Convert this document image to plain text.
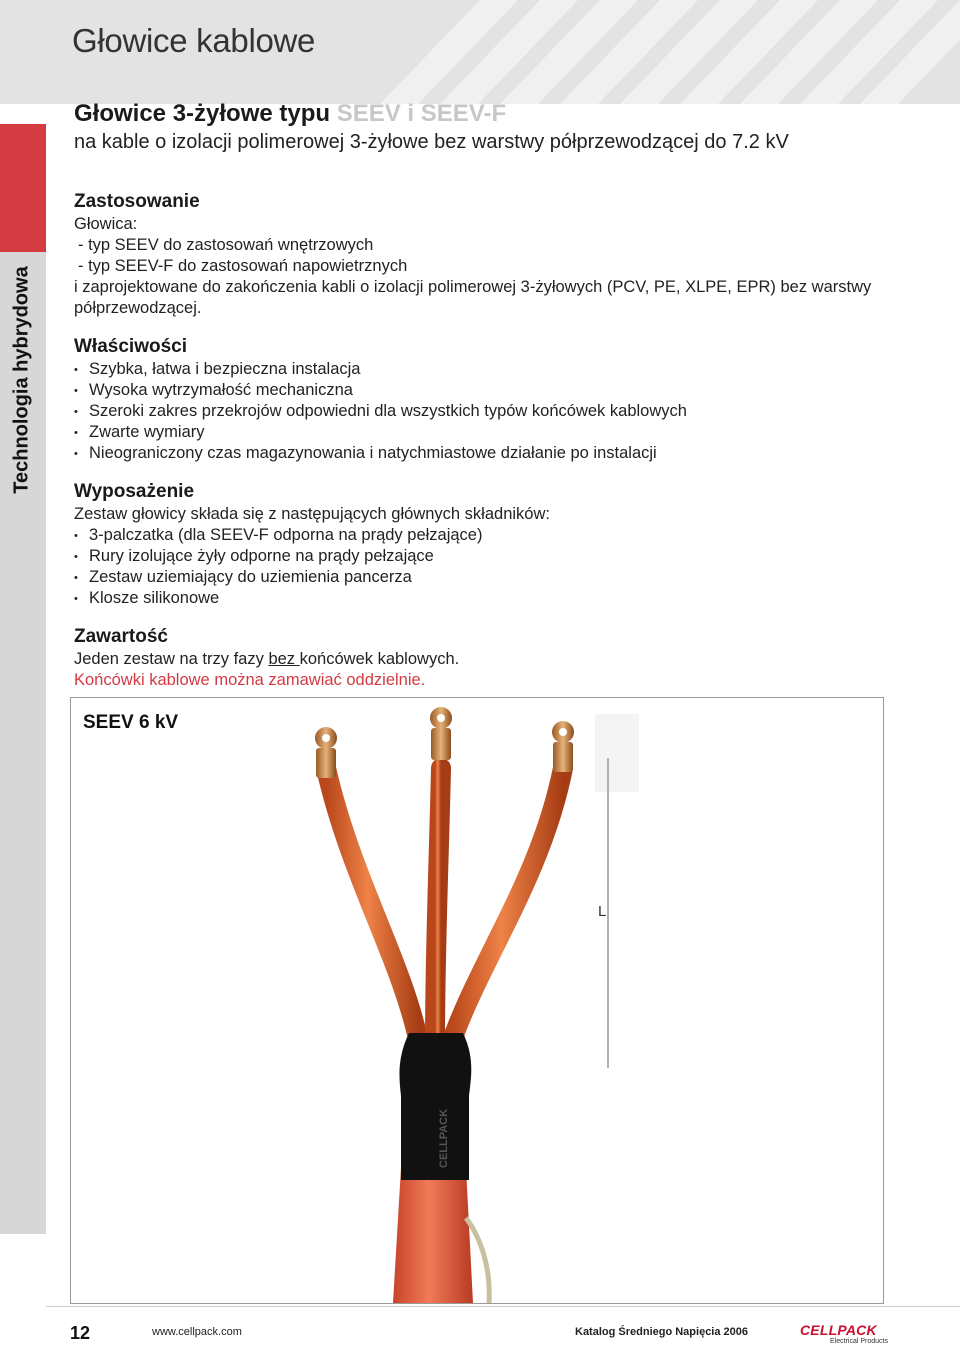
Głowice kablowe
Technologia hybrydowa
Głowice 3-żyłowe typu SEEV i SEEV-F
na kable o izolacji polimerowej 3-żyłowe bez warstwy półprzewodzącej do 7.2 kV
Zastosowanie
Głowica:
- typ SEEV do zastosowań wnętrzowych
- typ SEEV-F do zastosowań napowietrznych
i zaprojektowane do zakończenia kabli o izolacji polimerowej 3-żyłowych (PCV, PE, XLPE, EPR) bez warstwy półprzewodzącej.
Właściwości
• Szybka, łatwa i bezpieczna instalacja
• Wysoka wytrzymałość mechaniczna
• Szeroki zakres przekrojów odpowiedni dla wszystkich typów końcówek kablowych
• Zwarte wymiary
• Nieograniczony czas magazynowania i natychmiastowe działanie po instalacji
Wyposażenie
Zestaw głowicy składa się z następujących głównych składników:
• 3-palczatka (dla SEEV-F odporna na prądy pełzające)
• Rury izolujące żyły odporne na prądy pełzające
• Zestaw uziemiający do uziemienia pancerza
• Klosze silikonowe
Zawartość
Jeden zestaw na trzy fazy bez końcówek kablowych.
Końcówki kablowe można zamawiać oddzielnie.
SEEV 6 kV
L
CELLPACK
12	www.cellpack.com	Katalog Średniego Napięcia 2006	CELLPACK
Electrical Products
